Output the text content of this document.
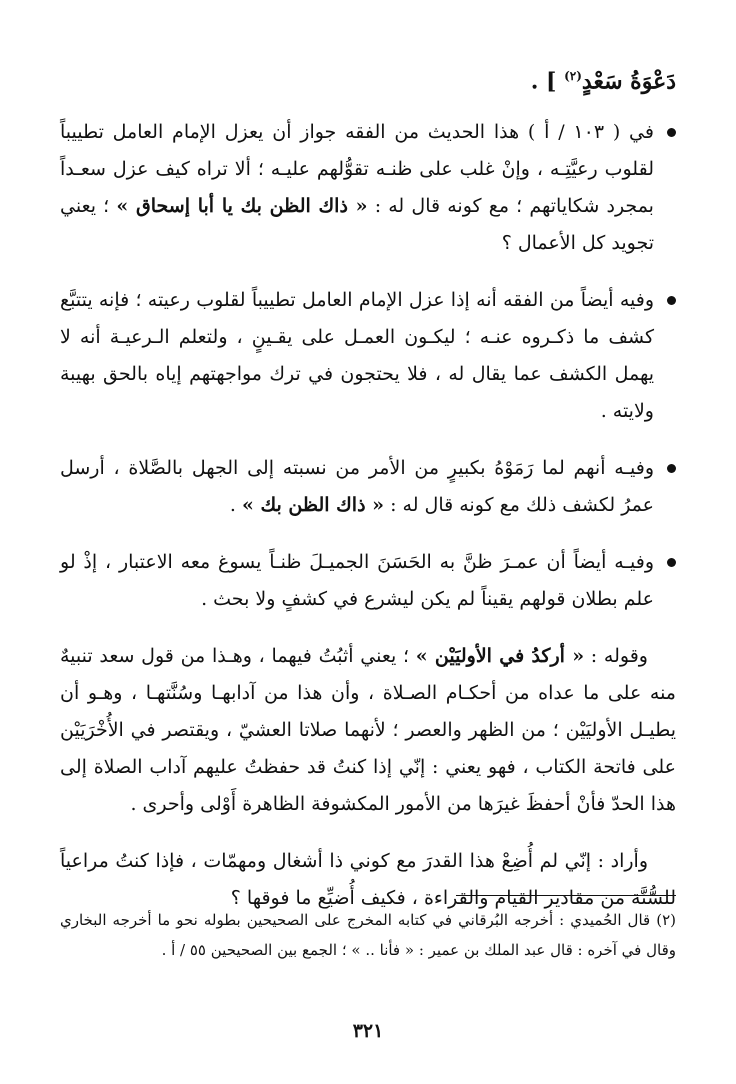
دَعْوَةُ سَعْدٍ$^{(٢)}$ ] .

في ( ١٠٣ / أ ) هذا الحديث من الفقه جواز أن يعزل الإمام العامل تطييباً لقلوب رعيَّتِـه ، وإنْ غلب على ظنـه تقوُّلهم عليـه ؛ ألا تراه كيف عزل سعـداً بمجرد شكاياتهم ؛ مع كونه قال له : « ذاك الظن بك يا أبا إسحاق » ؛ يعني تجويد كل الأعمال ؟

وفيه أيضاً من الفقه أنه إذا عزل الإمام العامل تطييباً لقلوب رعيته ؛ فإنه يتتبَّع كشف ما ذكـروه عنـه ؛ ليكـون العمـل على يقـينٍ ، ولتعلم الـرعيـة أنه لا يهمل الكشف عما يقال له ، فلا يحتجون في ترك مواجهتهم إياه بالحق بهيبة ولايته .

وفيـه أنهم لما رَمَوْهُ بكبيرٍ من الأمر من نسبته إلى الجهل بالصَّلاة ، أرسل عمرُ لكشف ذلك مع كونه قال له : « ذاك الظن بك » .

وفيـه أيضاً أن عمـرَ ظنَّ به الحَسَنَ الجميـلَ ظنـاً يسوغ معه الاعتبار ، إذْ لو علم بطلان قولهم يقيناً لم يكن ليشرع في كشفٍ ولا بحث .

وقوله : « أركدُ في الأوليَيْن » ؛ يعني أثبُتُ فيهما ، وهـذا من قول سعد تنبيهٌ منه على ما عداه من أحكـام الصـلاة ، وأن هذا من آدابهـا وسُنَّتهـا ، وهـو أن يطيـل الأوليَيْن ؛ من الظهر والعصر ؛ لأنهما صلاتا العشيّ ، ويقتصر في الأُخْرَيَيْن على فاتحة الكتاب ، فهو يعني : إنّي إذا كنتُ قد حفظتُ عليهم آداب الصلاة إلى هذا الحدّ فأنْ أحفظَ غيرَها من الأمور المكشوفة الظاهرة أَوْلى وأحرى .

وأراد : إنّي لم أُضِعْ هذا القدرَ مع كوني ذا أشغال ومهمّات ، فإذا كنتُ مراعياً للسُّنَّة من مقادير القيام والقراءة ، فكيف أُضيِّع ما فوقها ؟

(٢) قال الحُميدي : أخرجه البُرقاني في كتابه المخرج على الصحيحين بطوله نحو ما أخرجه البخاري وقال في آخره : قال عبد الملك بن عمير : « فأنا .. » ؛ الجمع بين الصحيحين ٥٥ / أ .

٣٢١
